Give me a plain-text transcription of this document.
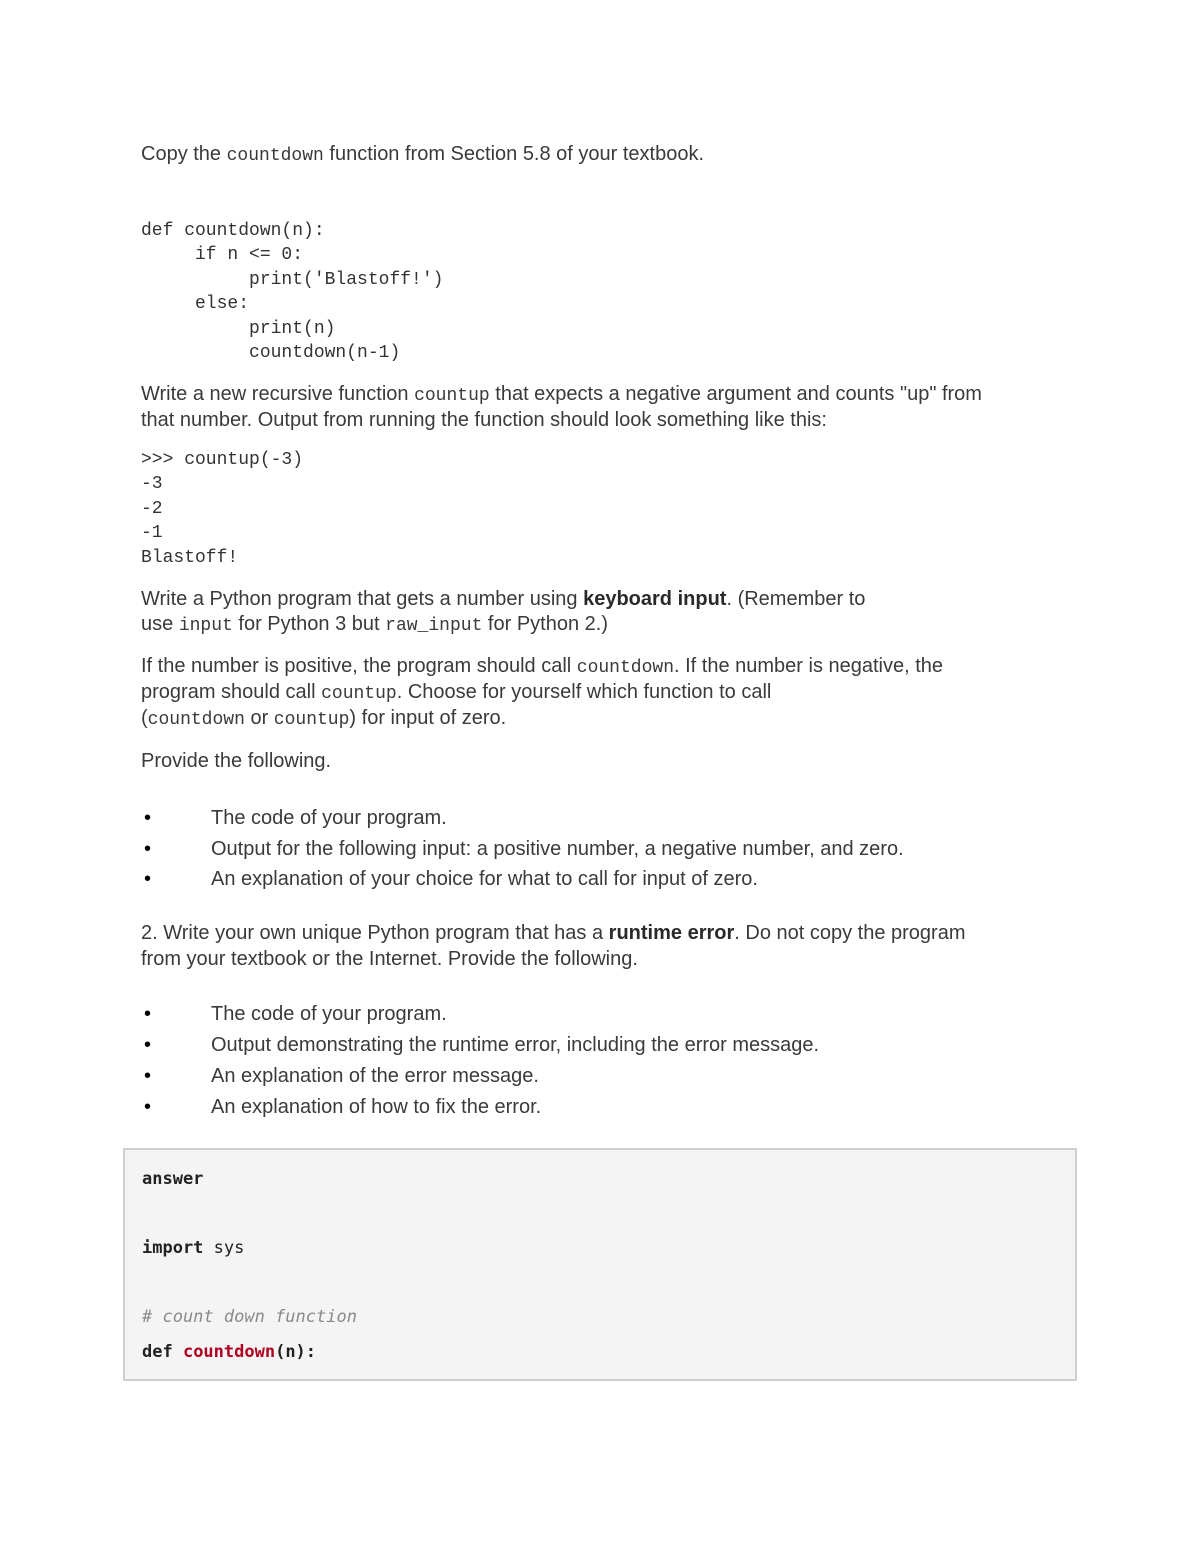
Copy the countdown function from Section 5.8 of your textbook.
def countdown(n):
if n <= 0:
print('Blastoff!')
else:
print(n)
countdown(n-1)
Write a new recursive function countup that expects a negative argument and counts "up" from
that number. Output from running the function should look something like this:
>>> countup(-3)
-3
-2
-1
Blastoff!
Write a Python program that gets a number using keyboard input. (Remember to
use input for Python 3 but raw_input for Python 2.)
If the number is positive, the program should call countdown. If the number is negative, the
program should call countup. Choose for yourself which function to call
(countdown or countup) for input of zero.
Provide the following.
•	The code of your program.
•	Output for the following input: a positive number, a negative number, and zero.
•	An explanation of your choice for what to call for input of zero.
2. Write your own unique Python program that has a runtime error. Do not copy the program
from your textbook or the Internet. Provide the following.
•	The code of your program.
•	Output demonstrating the runtime error, including the error message.
•	An explanation of the error message.
•	An explanation of how to fix the error.
answer
import sys
# count down function
def countdown(n):
